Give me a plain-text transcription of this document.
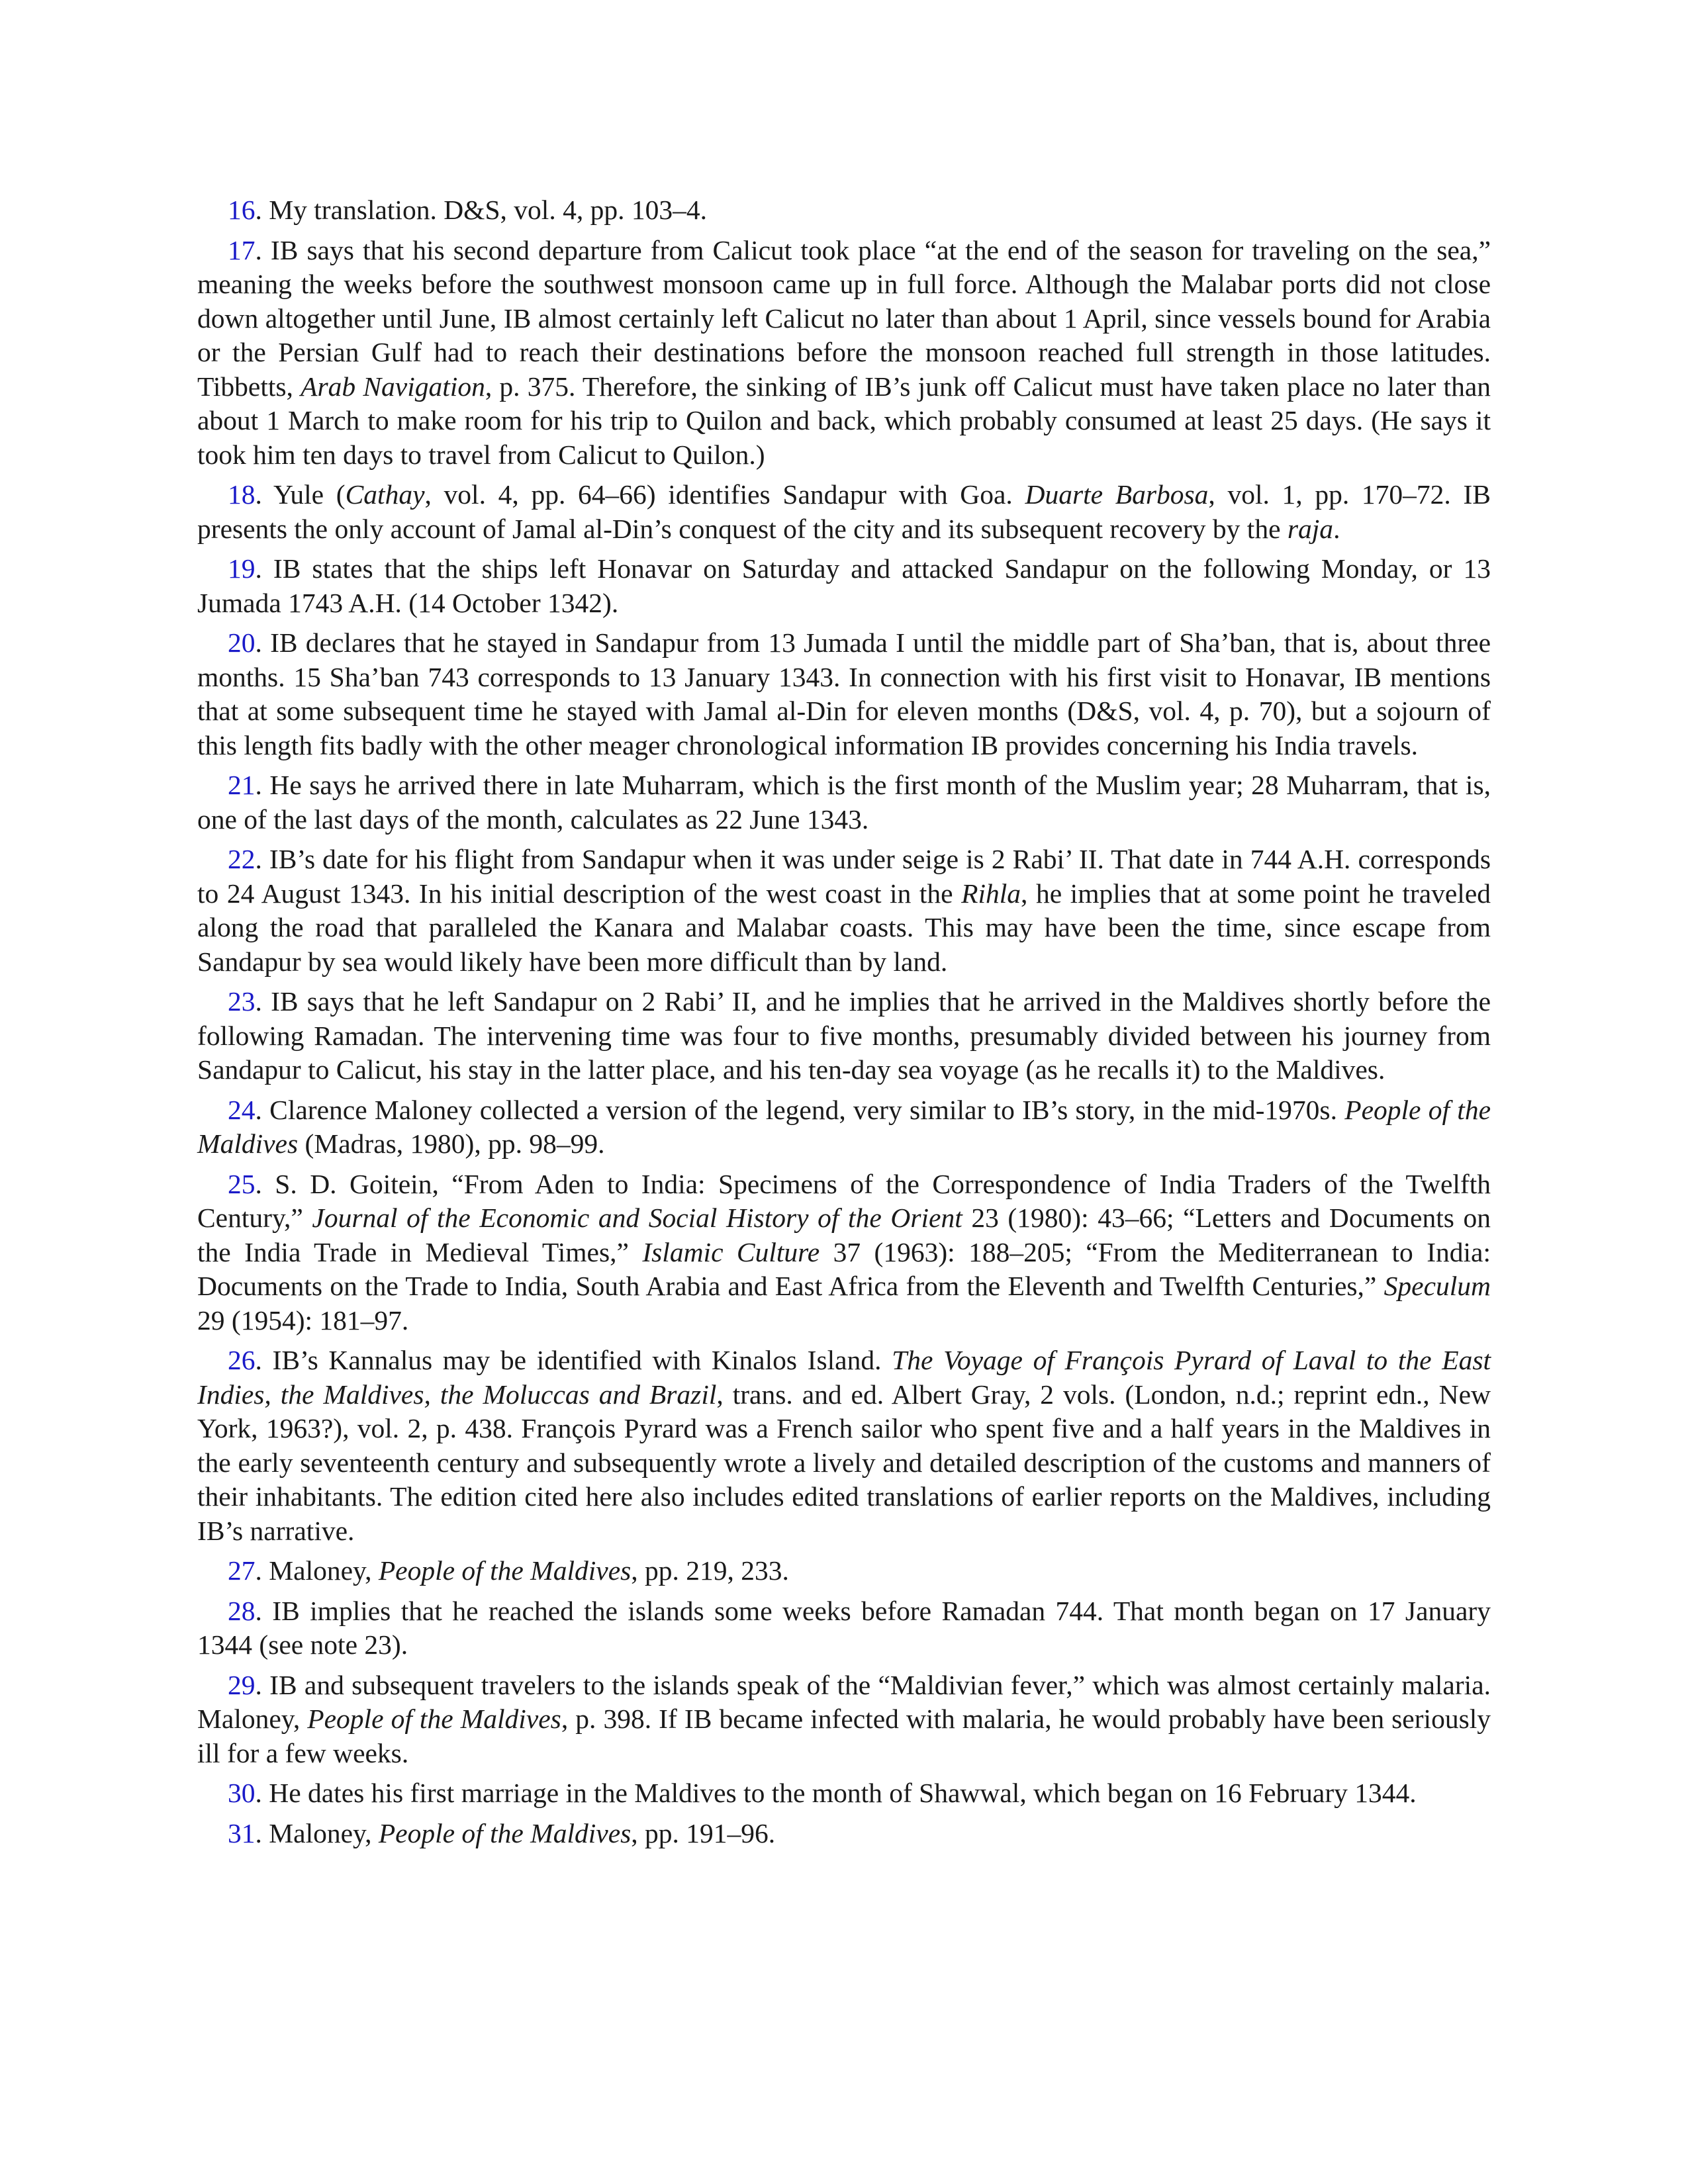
16. My translation. D&S, vol. 4, pp. 103–4.

17. IB says that his second departure from Calicut took place “at the end of the season for traveling on the sea,” meaning the weeks before the southwest monsoon came up in full force. Although the Malabar ports did not close down altogether until June, IB almost certainly left Calicut no later than about 1 April, since vessels bound for Arabia or the Persian Gulf had to reach their destinations before the monsoon reached full strength in those latitudes. Tibbetts, Arab Navigation, p. 375. Therefore, the sinking of IB’s junk off Calicut must have taken place no later than about 1 March to make room for his trip to Quilon and back, which probably consumed at least 25 days. (He says it took him ten days to travel from Calicut to Quilon.)

18. Yule (Cathay, vol. 4, pp. 64–66) identifies Sandapur with Goa. Duarte Barbosa, vol. 1, pp. 170–72. IB presents the only account of Jamal al-Din’s conquest of the city and its subsequent recovery by the raja.

19. IB states that the ships left Honavar on Saturday and attacked Sandapur on the following Monday, or 13 Jumada 1743 A.H. (14 October 1342).

20. IB declares that he stayed in Sandapur from 13 Jumada I until the middle part of Sha’ban, that is, about three months. 15 Sha’ban 743 corresponds to 13 January 1343. In connection with his first visit to Honavar, IB mentions that at some subsequent time he stayed with Jamal al-Din for eleven months (D&S, vol. 4, p. 70), but a sojourn of this length fits badly with the other meager chronological information IB provides concerning his India travels.

21. He says he arrived there in late Muharram, which is the first month of the Muslim year; 28 Muharram, that is, one of the last days of the month, calculates as 22 June 1343.

22. IB’s date for his flight from Sandapur when it was under seige is 2 Rabi’ II. That date in 744 A.H. corresponds to 24 August 1343. In his initial description of the west coast in the Rihla, he implies that at some point he traveled along the road that paralleled the Kanara and Malabar coasts. This may have been the time, since escape from Sandapur by sea would likely have been more difficult than by land.

23. IB says that he left Sandapur on 2 Rabi’ II, and he implies that he arrived in the Maldives shortly before the following Ramadan. The intervening time was four to five months, presumably divided between his journey from Sandapur to Calicut, his stay in the latter place, and his ten-day sea voyage (as he recalls it) to the Maldives.

24. Clarence Maloney collected a version of the legend, very similar to IB’s story, in the mid-1970s. People of the Maldives (Madras, 1980), pp. 98–99.

25. S. D. Goitein, “From Aden to India: Specimens of the Correspondence of India Traders of the Twelfth Century,” Journal of the Economic and Social History of the Orient 23 (1980): 43–66; “Letters and Documents on the India Trade in Medieval Times,” Islamic Culture 37 (1963): 188–205; “From the Mediterranean to India: Documents on the Trade to India, South Arabia and East Africa from the Eleventh and Twelfth Centuries,” Speculum 29 (1954): 181–97.

26. IB’s Kannalus may be identified with Kinalos Island. The Voyage of François Pyrard of Laval to the East Indies, the Maldives, the Moluccas and Brazil, trans. and ed. Albert Gray, 2 vols. (London, n.d.; reprint edn., New York, 1963?), vol. 2, p. 438. François Pyrard was a French sailor who spent five and a half years in the Maldives in the early seventeenth century and subsequently wrote a lively and detailed description of the customs and manners of their inhabitants. The edition cited here also includes edited translations of earlier reports on the Maldives, including IB’s narrative.

27. Maloney, People of the Maldives, pp. 219, 233.

28. IB implies that he reached the islands some weeks before Ramadan 744. That month began on 17 January 1344 (see note 23).

29. IB and subsequent travelers to the islands speak of the “Maldivian fever,” which was almost certainly malaria. Maloney, People of the Maldives, p. 398. If IB became infected with malaria, he would probably have been seriously ill for a few weeks.

30. He dates his first marriage in the Maldives to the month of Shawwal, which began on 16 February 1344.

31. Maloney, People of the Maldives, pp. 191–96.
